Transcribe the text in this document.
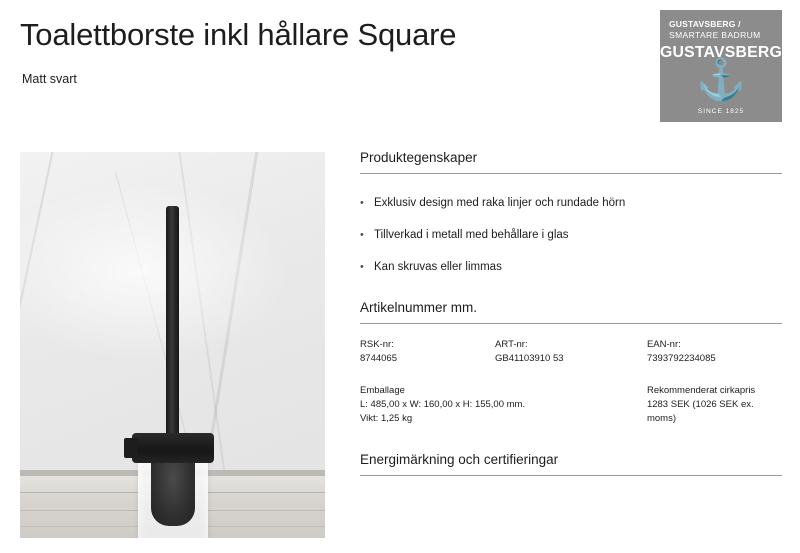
Toalettborste inkl hållare Square
Matt svart
GUSTAVSBERG /
SMARTARE BADRUM
GUSTAVSBERG
⚓
SINCE 1825
Produktegenskaper
• Exklusiv design med raka linjer och rundade hörn
• Tillverkad i metall med behållare i glas
• Kan skruvas eller limmas
Artikelnummer mm.
RSK-nr:
8744065
ART-nr:
GB41103910 53
EAN-nr:
7393792234085
Emballage
L: 485,00 x W: 160,00 x H: 155,00 mm.
Vikt: 1,25 kg
Rekommenderat cirkapris
1283 SEK (1026 SEK ex. moms)
Energimärkning och certifieringar
